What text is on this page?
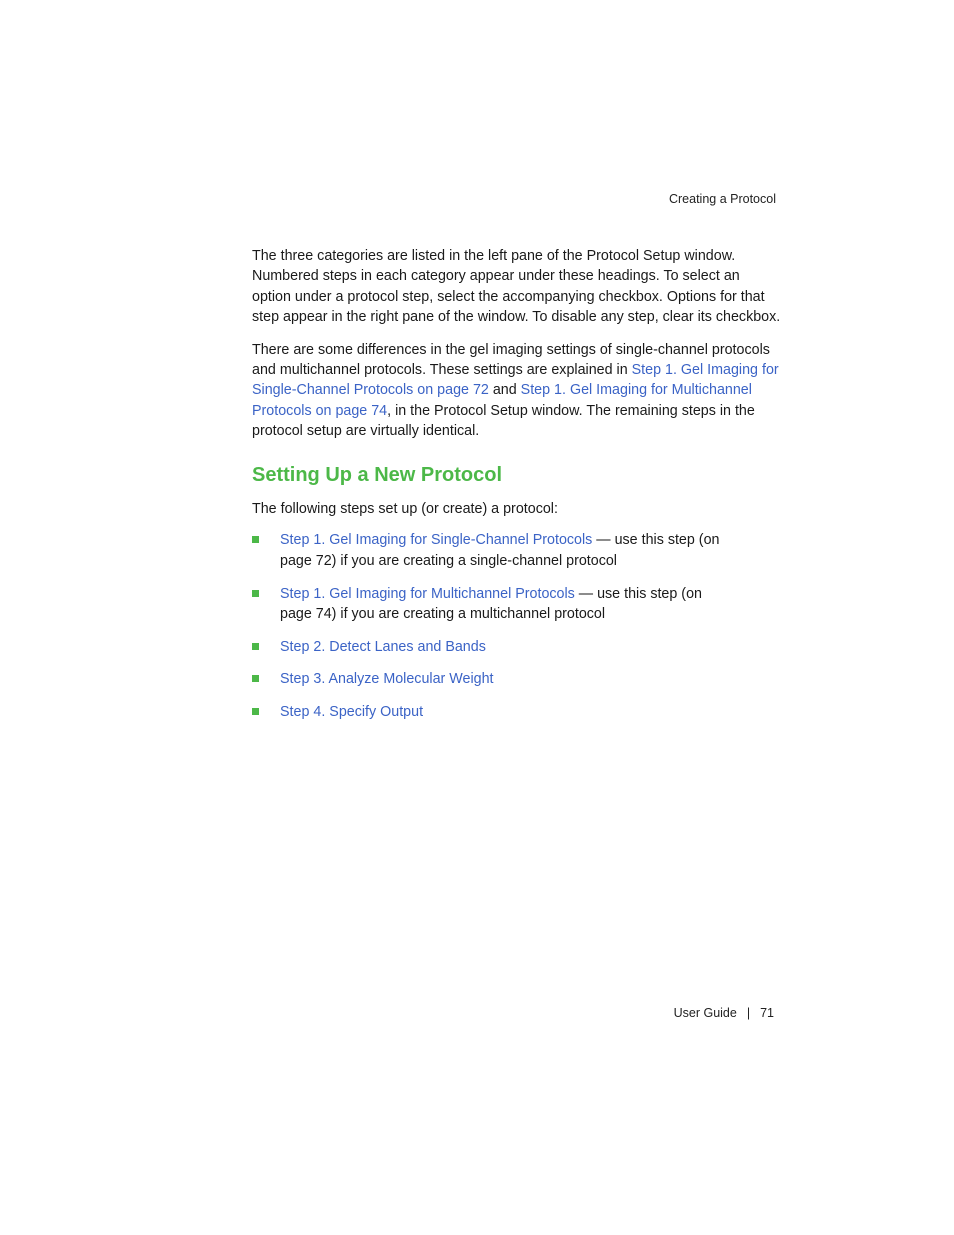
Creating a Protocol

The three categories are listed in the left pane of the Protocol Setup window. Numbered steps in each category appear under these headings. To select an option under a protocol step, select the accompanying checkbox. Options for that step appear in the right pane of the window. To disable any step, clear its checkbox.

There are some differences in the gel imaging settings of single-channel protocols and multichannel protocols. These settings are explained in Step 1. Gel Imaging for Single-Channel Protocols on page 72 and Step 1. Gel Imaging for Multichannel Protocols on page 74, in the Protocol Setup window. The remaining steps in the protocol setup are virtually identical.

Setting Up a New Protocol

The following steps set up (or create) a protocol:

Step 1. Gel Imaging for Single-Channel Protocols — use this step (on page 72) if you are creating a single-channel protocol
Step 1. Gel Imaging for Multichannel Protocols — use this step (on page 74) if you are creating a multichannel protocol
Step 2. Detect Lanes and Bands
Step 3. Analyze Molecular Weight
Step 4. Specify Output
User Guide | 71
